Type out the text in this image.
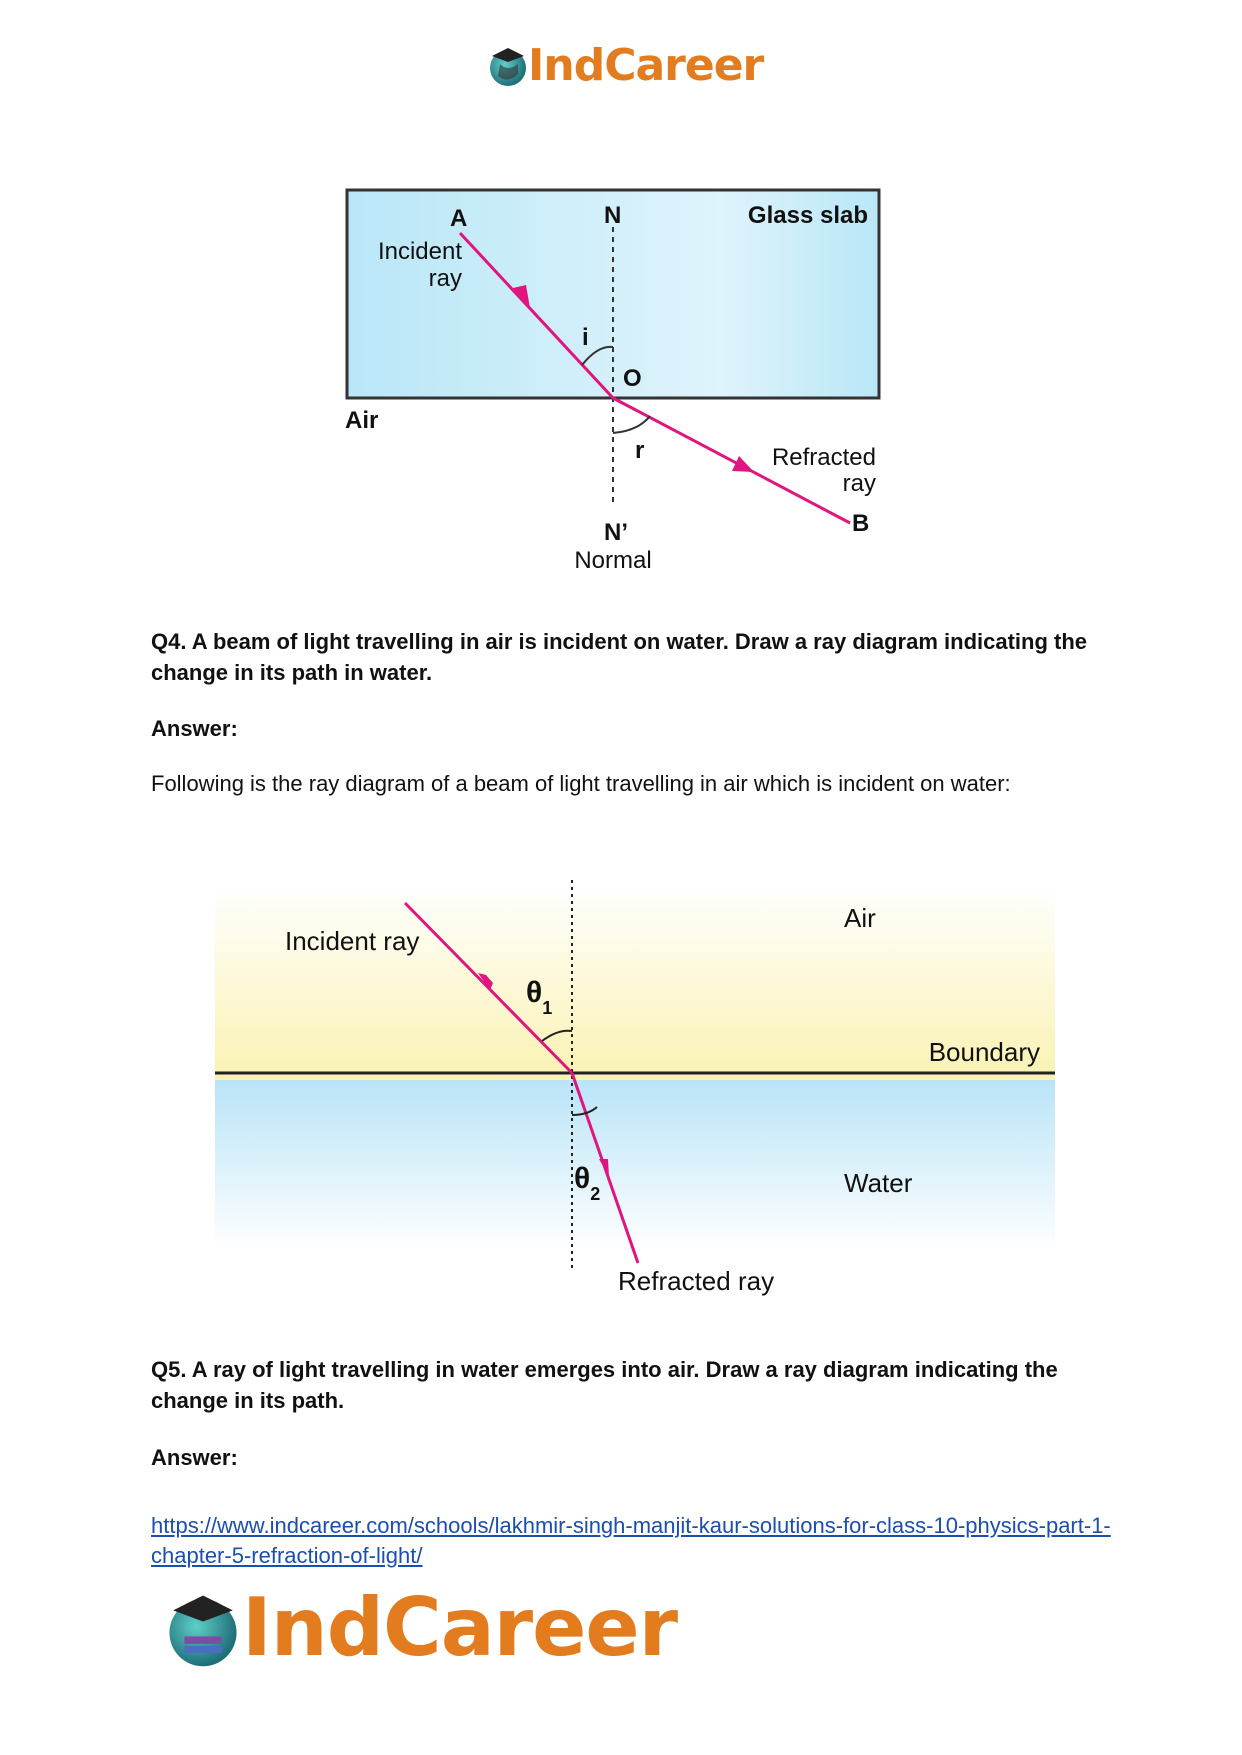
IndCareer
A	N	Glass slab
Incident
ray
i
O
Air
r	Refracted
ray
B
N’
Normal
Q4. A beam of light travelling in air is incident on water. Draw a ray diagram indicating the change in its path in water.
Answer:
Following is the ray diagram of a beam of light travelling in air which is incident on water:
Incident ray
$\theta_1$
Air
Boundary
Water
$\theta_2$
Refracted ray
Q5. A ray of light travelling in water emerges into air. Draw a ray diagram indicating the change in its path.
Answer:
https://www.indcareer.com/schools/lakhmir-singh-manjit-kaur-solutions-for-class-10-physics-part-1-chapter-5-refraction-of-light/
IndCareer
